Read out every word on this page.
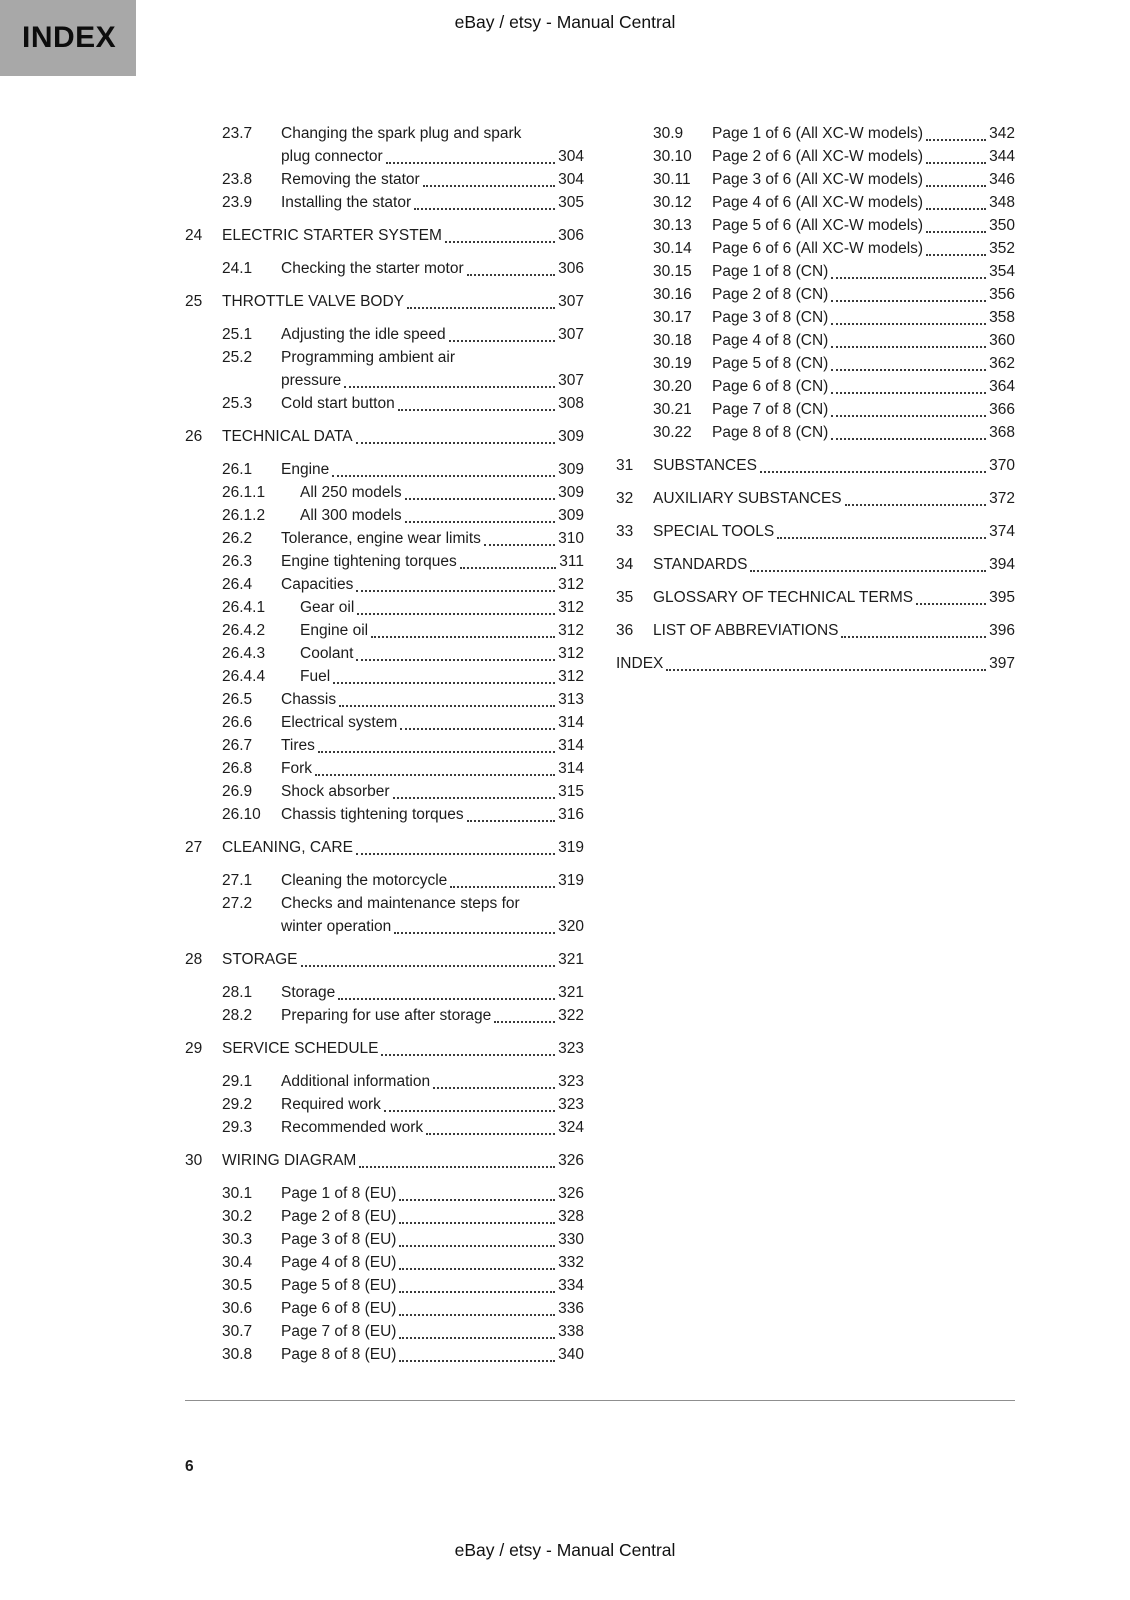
INDEX	eBay / etsy - Manual Central
23.7	Changing the spark plug and spark
plug connector	304
23.8	Removing the stator	304
23.9	Installing the stator	305
24	ELECTRIC STARTER SYSTEM	306
24.1	Checking the starter motor	306
25	THROTTLE VALVE BODY	307
25.1	Adjusting the idle speed	307
25.2	Programming ambient air
pressure	307
25.3	Cold start button	308
26	TECHNICAL DATA	309
26.1	Engine	309
26.1.1	All 250 models	309
26.1.2	All 300 models	309
26.2	Tolerance, engine wear limits	310
26.3	Engine tightening torques	311
26.4	Capacities	312
26.4.1	Gear oil	312
26.4.2	Engine oil	312
26.4.3	Coolant	312
26.4.4	Fuel	312
26.5	Chassis	313
26.6	Electrical system	314
26.7	Tires	314
26.8	Fork	314
26.9	Shock absorber	315
26.10	Chassis tightening torques	316
27	CLEANING, CARE	319
27.1	Cleaning the motorcycle	319
27.2	Checks and maintenance steps for
winter operation	320
28	STORAGE	321
28.1	Storage	321
28.2	Preparing for use after storage	322
29	SERVICE SCHEDULE	323
29.1	Additional information	323
29.2	Required work	323
29.3	Recommended work	324
30	WIRING DIAGRAM	326
30.1	Page 1 of 8 (EU)	326
30.2	Page 2 of 8 (EU)	328
30.3	Page 3 of 8 (EU)	330
30.4	Page 4 of 8 (EU)	332
30.5	Page 5 of 8 (EU)	334
30.6	Page 6 of 8 (EU)	336
30.7	Page 7 of 8 (EU)	338
30.8	Page 8 of 8 (EU)	340
30.9	Page 1 of 6 (All XC-W models)	342
30.10	Page 2 of 6 (All XC-W models)	344
30.11	Page 3 of 6 (All XC-W models)	346
30.12	Page 4 of 6 (All XC-W models)	348
30.13	Page 5 of 6 (All XC-W models)	350
30.14	Page 6 of 6 (All XC-W models)	352
30.15	Page 1 of 8 (CN)	354
30.16	Page 2 of 8 (CN)	356
30.17	Page 3 of 8 (CN)	358
30.18	Page 4 of 8 (CN)	360
30.19	Page 5 of 8 (CN)	362
30.20	Page 6 of 8 (CN)	364
30.21	Page 7 of 8 (CN)	366
30.22	Page 8 of 8 (CN)	368
31	SUBSTANCES	370
32	AUXILIARY SUBSTANCES	372
33	SPECIAL TOOLS	374
34	STANDARDS	394
35	GLOSSARY OF TECHNICAL TERMS	395
36	LIST OF ABBREVIATIONS	396
INDEX	397
6
eBay / etsy - Manual Central
